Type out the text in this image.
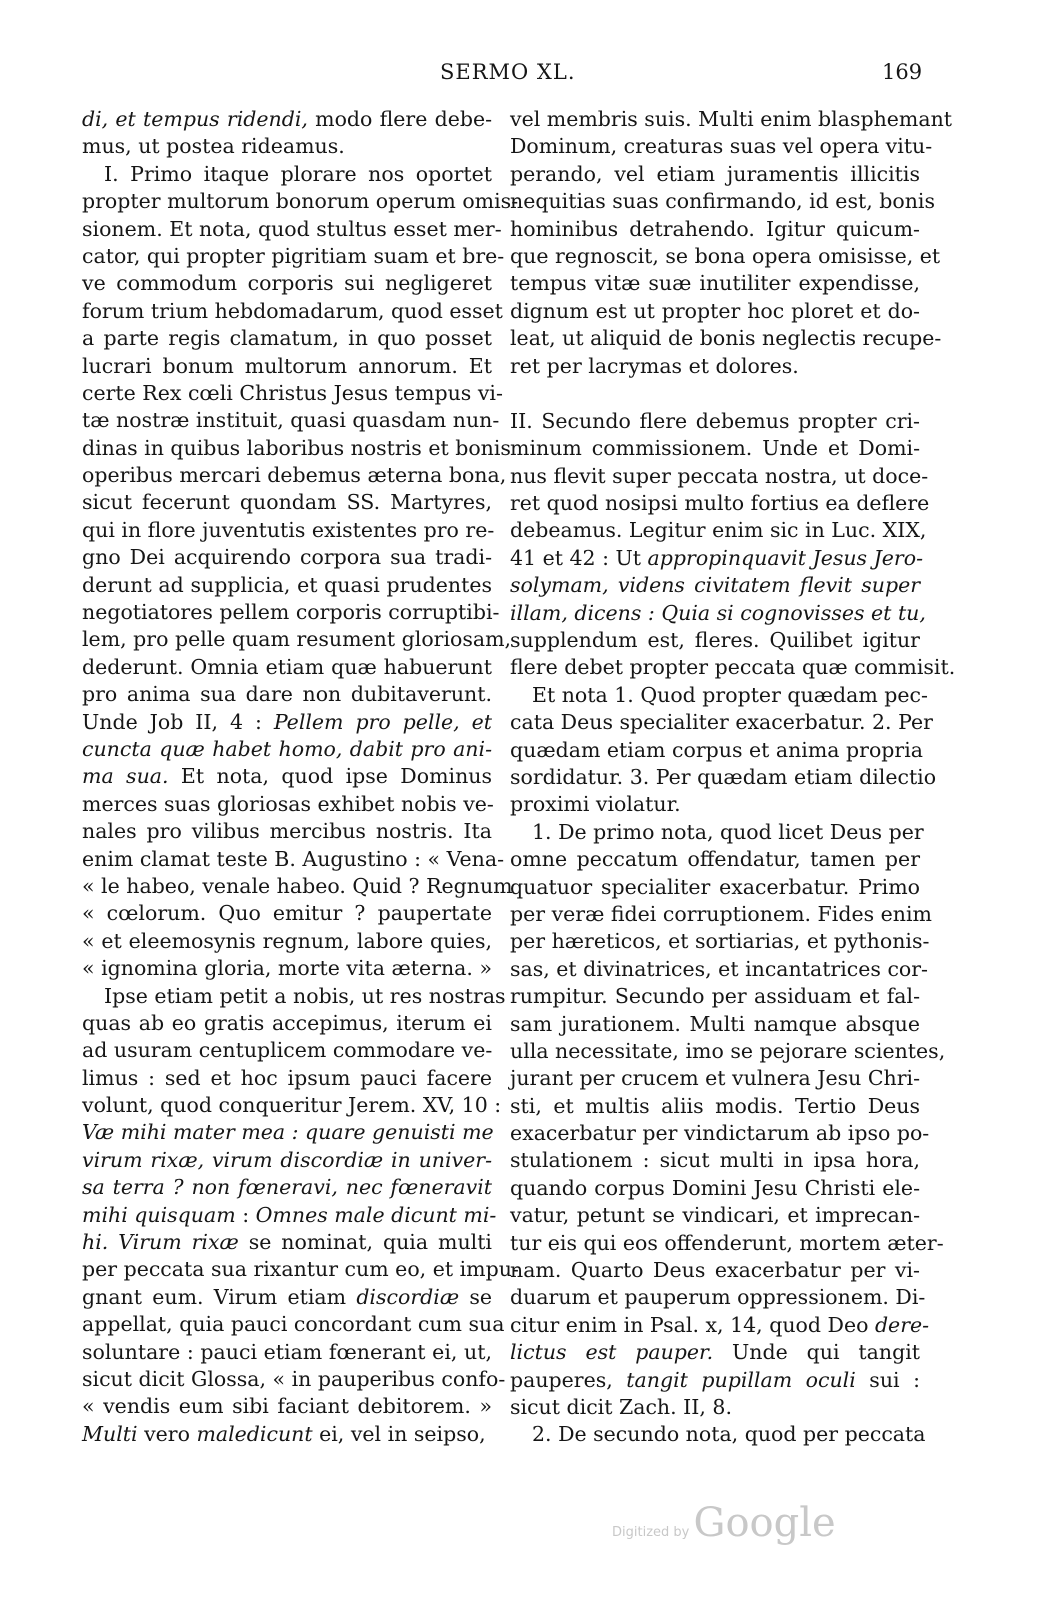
SERMO XL.	169
di, et tempus ridendi, modo flere debe-
mus, ut postea rideamus.
I. Primo itaque plorare nos oportet
propter multorum bonorum operum omis-
sionem. Et nota, quod stultus esset mer-
cator, qui propter pigritiam suam et bre-
ve commodum corporis sui negligeret
forum trium hebdomadarum, quod esset
a parte regis clamatum, in quo posset
lucrari bonum multorum annorum. Et
certe Rex cœli Christus Jesus tempus vi-
tæ nostræ instituit, quasi quasdam nun-
dinas in quibus laboribus nostris et bonis
operibus mercari debemus æterna bona,
sicut fecerunt quondam SS. Martyres,
qui in flore juventutis existentes pro re-
gno Dei acquirendo corpora sua tradi-
derunt ad supplicia, et quasi prudentes
negotiatores pellem corporis corruptibi-
lem, pro pelle quam resument gloriosam,
dederunt. Omnia etiam quæ habuerunt
pro anima sua dare non dubitaverunt.
Unde Job II, 4 : Pellem pro pelle, et
cuncta quæ habet homo, dabit pro ani-
ma sua. Et nota, quod ipse Dominus
merces suas gloriosas exhibet nobis ve-
nales pro vilibus mercibus nostris. Ita
enim clamat teste B. Augustino : « Vena-
« le habeo, venale habeo. Quid ? Regnum
« cœlorum. Quo emitur ? paupertate
« et eleemosynis regnum, labore quies,
« ignomina gloria, morte vita æterna. »
Ipse etiam petit a nobis, ut res nostras
quas ab eo gratis accepimus, iterum ei
ad usuram centuplicem commodare ve-
limus : sed et hoc ipsum pauci facere
volunt, quod conqueritur Jerem. XV, 10 :
Væ mihi mater mea : quare genuisti me
virum rixæ, virum discordiæ in univer-
sa terra ? non fœneravi, nec fœneravit
mihi quisquam : Omnes male dicunt mi-
hi. Virum rixæ se nominat, quia multi
per peccata sua rixantur cum eo, et impu-
gnant eum. Virum etiam discordiæ se
appellat, quia pauci concordant cum sua
soluntare : pauci etiam fœnerant ei, ut,
sicut dicit Glossa, « in pauperibus confo-
« vendis eum sibi faciant debitorem. »
Multi vero maledicunt ei, vel in seipso,
vel membris suis. Multi enim blasphemant
Dominum, creaturas suas vel opera vitu-
perando, vel etiam juramentis illicitis
nequitias suas confirmando, id est, bonis
hominibus detrahendo. Igitur quicum-
que regnoscit, se bona opera omisisse, et
tempus vitæ suæ inutiliter expendisse,
dignum est ut propter hoc ploret et do-
leat, ut aliquid de bonis neglectis recupe-
ret per lacrymas et dolores.
II. Secundo flere debemus propter cri-
minum commissionem. Unde et Domi-
nus flevit super peccata nostra, ut doce-
ret quod nosipsi multo fortius ea deflere
debeamus. Legitur enim sic in Luc. XIX,
41 et 42 : Ut appropinquavit Jesus Jero-
solymam, videns civitatem flevit super
illam, dicens : Quia si cognovisses et tu,
supplendum est, fleres. Quilibet igitur
flere debet propter peccata quæ commisit.
Et nota 1. Quod propter quædam pec-
cata Deus specialiter exacerbatur. 2. Per
quædam etiam corpus et anima propria
sordidatur. 3. Per quædam etiam dilectio
proximi violatur.
1. De primo nota, quod licet Deus per
omne peccatum offendatur, tamen per
quatuor specialiter exacerbatur. Primo
per veræ fidei corruptionem. Fides enim
per hæreticos, et sortiarias, et pythonis-
sas, et divinatrices, et incantatrices cor-
rumpitur. Secundo per assiduam et fal-
sam jurationem. Multi namque absque
ulla necessitate, imo se pejorare scientes,
jurant per crucem et vulnera Jesu Chri-
sti, et multis aliis modis. Tertio Deus
exacerbatur per vindictarum ab ipso po-
stulationem : sicut multi in ipsa hora,
quando corpus Domini Jesu Christi ele-
vatur, petunt se vindicari, et imprecan-
tur eis qui eos offenderunt, mortem æter-
nam. Quarto Deus exacerbatur per vi-
duarum et pauperum oppressionem. Di-
citur enim in Psal. x, 14, quod Deo dere-
lictus est pauper. Unde qui tangit
pauperes, tangit pupillam oculi sui :
sicut dicit Zach. II, 8.
2. De secundo nota, quod per peccata
Digitized by Google
